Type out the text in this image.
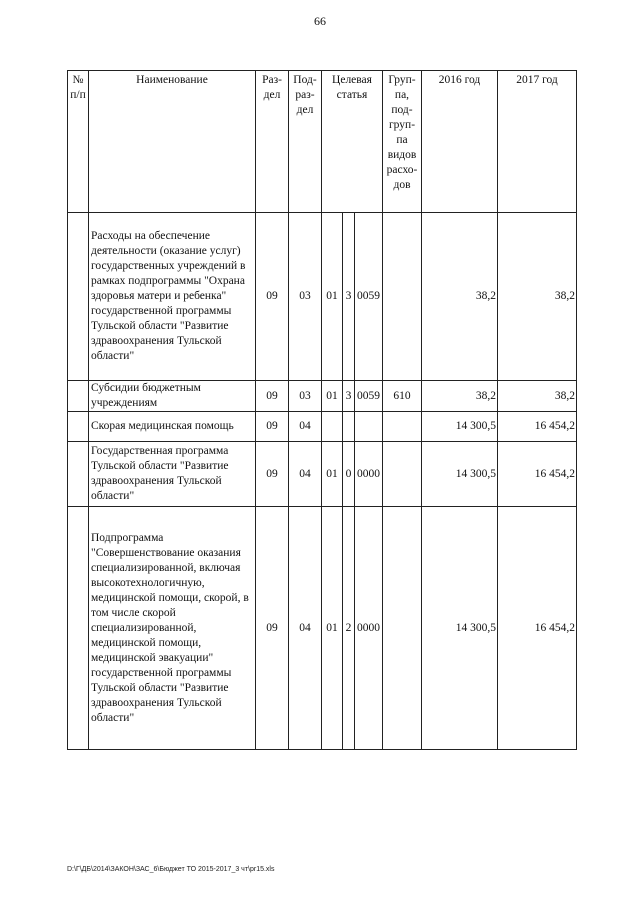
66
№ п/п	Наименование	Раз- дел	Под- раз- дел	Целевая статья			Груп- па, под- груп- па видов расхо- дов	2016 год	2017 год
	Расходы на обеспечение деятельности (оказание услуг) государственных учреждений в рамках подпрограммы "Охрана здоровья матери и ребенка" государственной программы Тульской области "Развитие здравоохранения Тульской области"	09	03	01	3	0059		38,2	38,2
	Субсидии бюджетным учреждениям	09	03	01	3	0059	610	38,2	38,2
	Скорая медицинская помощь	09	04					14 300,5	16 454,2
	Государственная программа Тульской области "Развитие здравоохранения Тульской области"	09	04	01	0	0000		14 300,5	16 454,2
	Подпрограмма "Совершенствование оказания специализированной, включая высокотехнологичную, медицинской помощи, скорой, в том числе скорой специализированной, медицинской помощи, медицинской эвакуации" государственной программы Тульской области "Развитие здравоохранения Тульской области"	09	04	01	2	0000		14 300,5	16 454,2
D:\Г\ДБ\2014\ЗАКОН\ЗАС_6\Бюджет ТО 2015-2017_3 чт\рr15.xls
